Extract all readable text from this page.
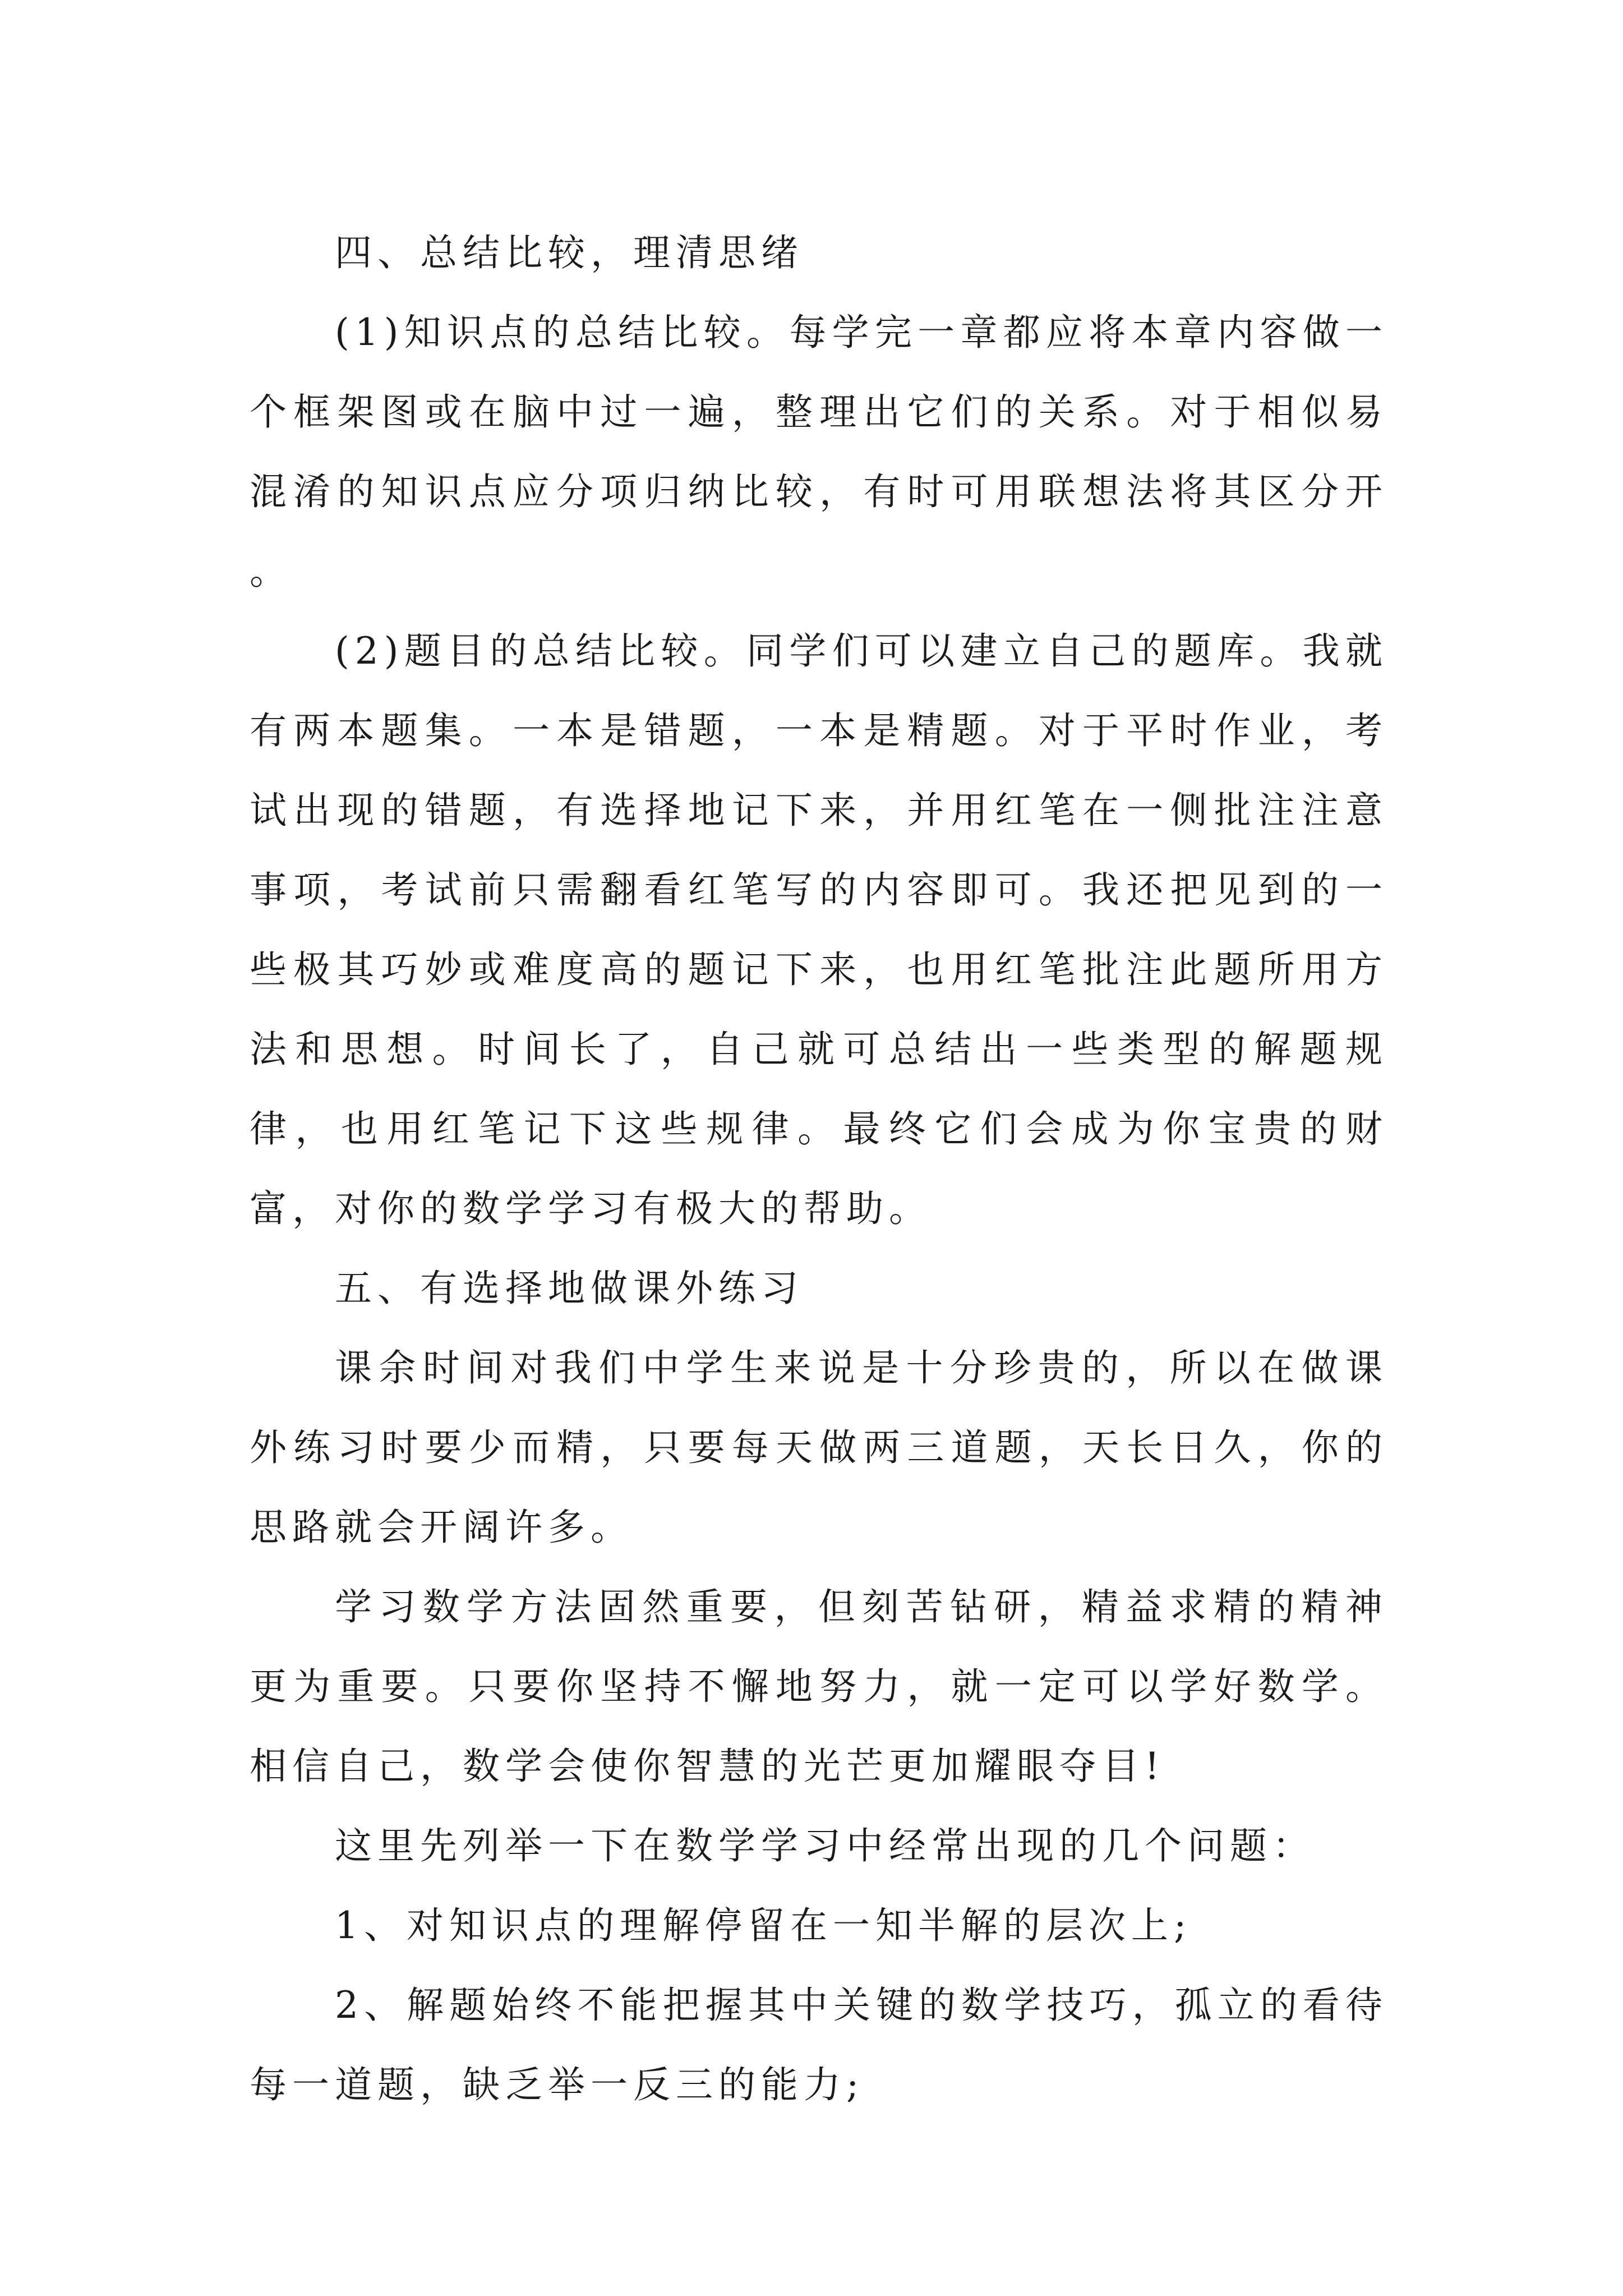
四、总结比较，理清思绪

(1)知识点的总结比较。每学完一章都应将本章内容做一个框架图或在脑中过一遍，整理出它们的关系。对于相似易混淆的知识点应分项归纳比较，有时可用联想法将其区分开 。

(2)题目的总结比较。同学们可以建立自己的题库。我就有两本题集。一本是错题，一本是精题。对于平时作业，考试出现的错题，有选择地记下来，并用红笔在一侧批注注意事项，考试前只需翻看红笔写的内容即可。我还把见到的一些极其巧妙或难度高的题记下来，也用红笔批注此题所用方法和思想。时间长了，自己就可总结出一些类型的解题规律，也用红笔记下这些规律。最终它们会成为你宝贵的财富，对你的数学学习有极大的帮助。

五、有选择地做课外练习

课余时间对我们中学生来说是十分珍贵的，所以在做课外练习时要少而精，只要每天做两三道题，天长日久，你的思路就会开阔许多。

学习数学方法固然重要，但刻苦钻研，精益求精的精神更为重要。只要你坚持不懈地努力，就一定可以学好数学。相信自己，数学会使你智慧的光芒更加耀眼夺目!

这里先列举一下在数学学习中经常出现的几个问题：

1、对知识点的理解停留在一知半解的层次上;

2、解题始终不能把握其中关键的数学技巧，孤立的看待每一道题，缺乏举一反三的能力;
